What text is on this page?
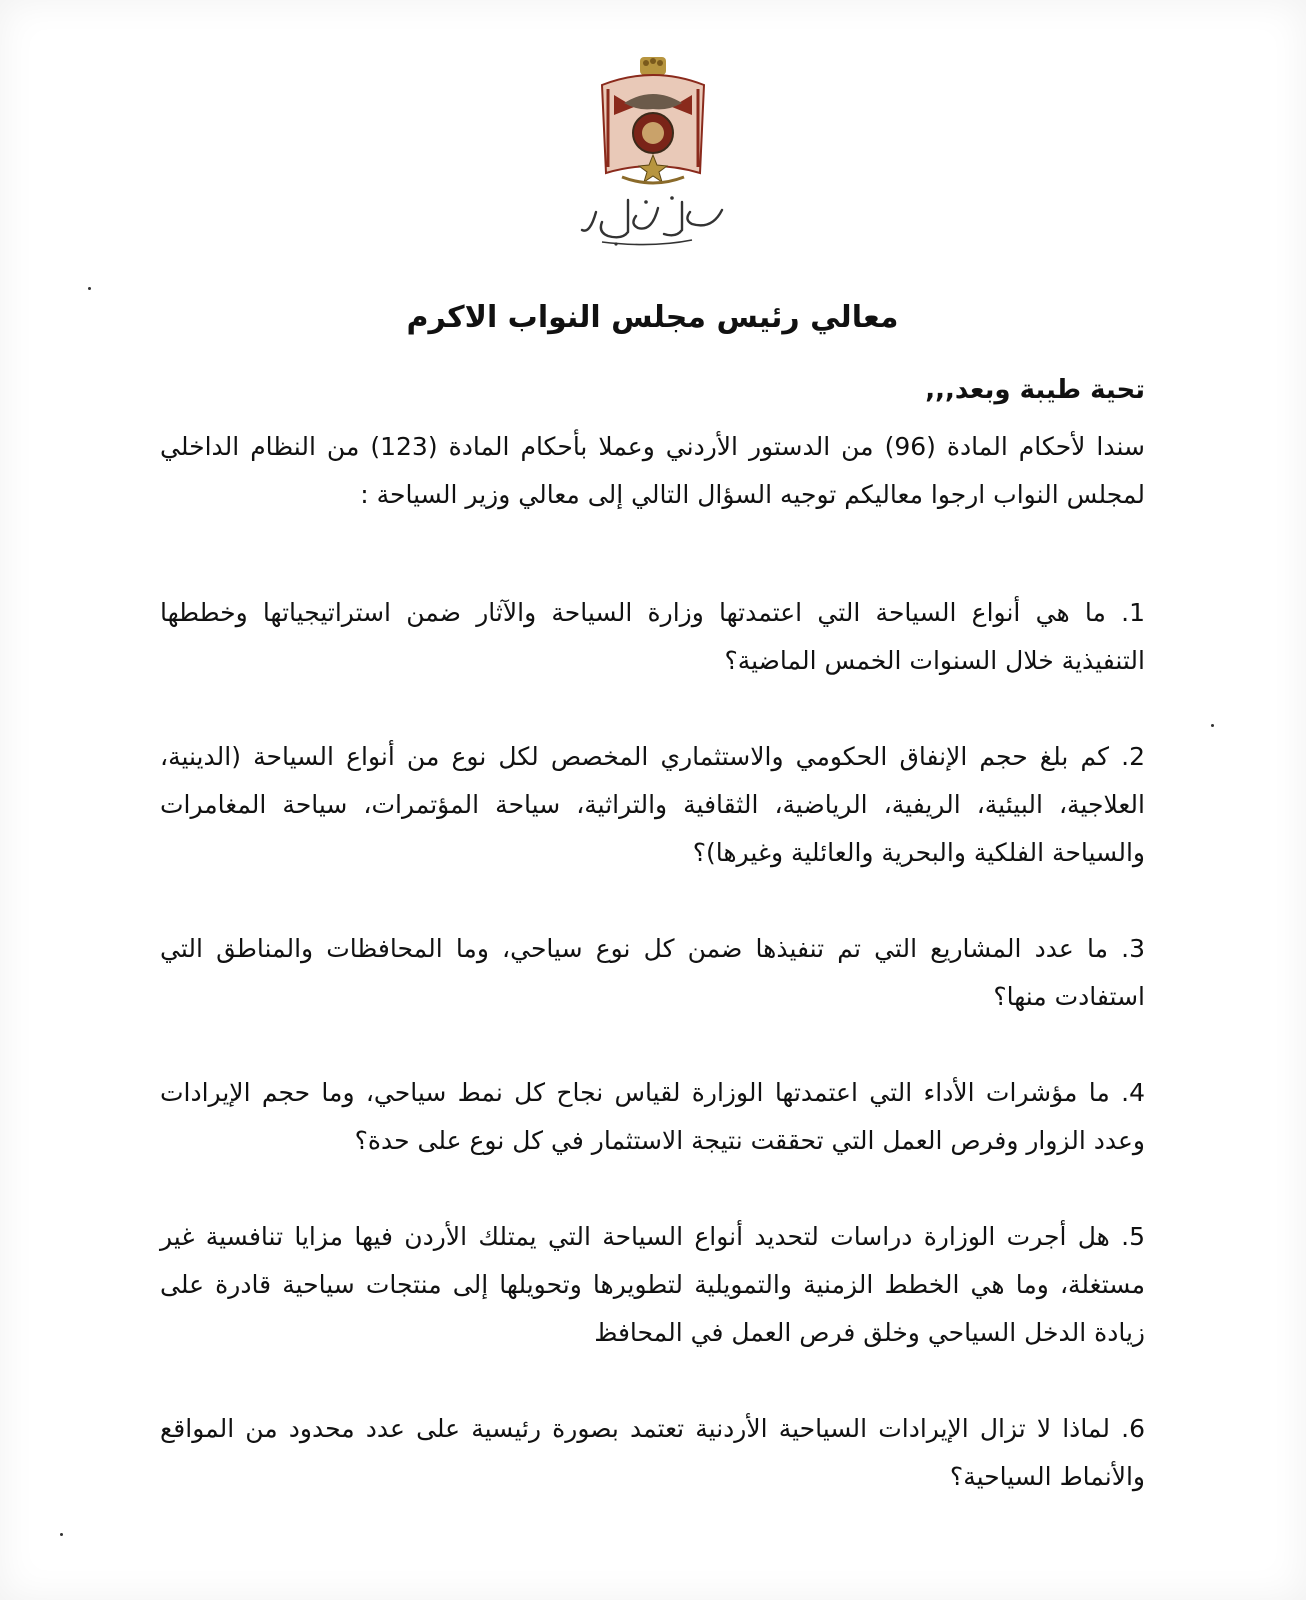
معالي رئيس مجلس النواب الاكرم
تحية طيبة وبعد,,,

سندا لأحكام المادة (96) من الدستور الأردني وعملا بأحكام المادة (123) من النظام الداخلي لمجلس النواب ارجوا معاليكم توجيه السؤال التالي إلى معالي وزير السياحة :

1. ما هي أنواع السياحة التي اعتمدتها وزارة السياحة والآثار ضمن استراتيجياتها وخططها التنفيذية خلال السنوات الخمس الماضية؟
2. كم بلغ حجم الإنفاق الحكومي والاستثماري المخصص لكل نوع من أنواع السياحة (الدينية، العلاجية، البيئية، الريفية، الرياضية، الثقافية والتراثية، سياحة المؤتمرات، سياحة المغامرات والسياحة الفلكية والبحرية والعائلية وغيرها)؟
3. ما عدد المشاريع التي تم تنفيذها ضمن كل نوع سياحي، وما المحافظات والمناطق التي استفادت منها؟
4. ما مؤشرات الأداء التي اعتمدتها الوزارة لقياس نجاح كل نمط سياحي، وما حجم الإيرادات وعدد الزوار وفرص العمل التي تحققت نتيجة الاستثمار في كل نوع على حدة؟
5. هل أجرت الوزارة دراسات لتحديد أنواع السياحة التي يمتلك الأردن فيها مزايا تنافسية غير مستغلة، وما هي الخطط الزمنية والتمويلية لتطويرها وتحويلها إلى منتجات سياحية قادرة على زيادة الدخل السياحي وخلق فرص العمل في المحافظ
6. لماذا لا تزال الإيرادات السياحية الأردنية تعتمد بصورة رئيسية على عدد محدود من المواقع والأنماط السياحية؟
